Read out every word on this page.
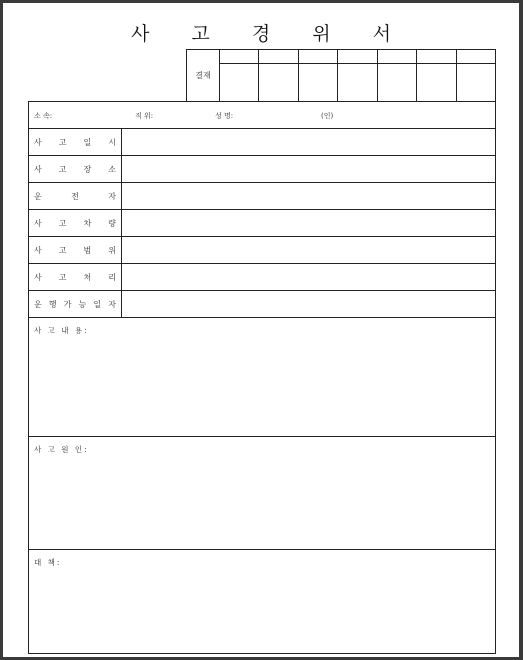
사 고 경 위 서
결재
소 속:	직 위:	성 명:	(인)
사 고 일 시
사 고 장 소
운	전	자
사 고 차 량
사 고 범 위
사 고 처 리
운 행 가 능 일 자
사 고 내 용:
사 고 원 인:
대 책:
